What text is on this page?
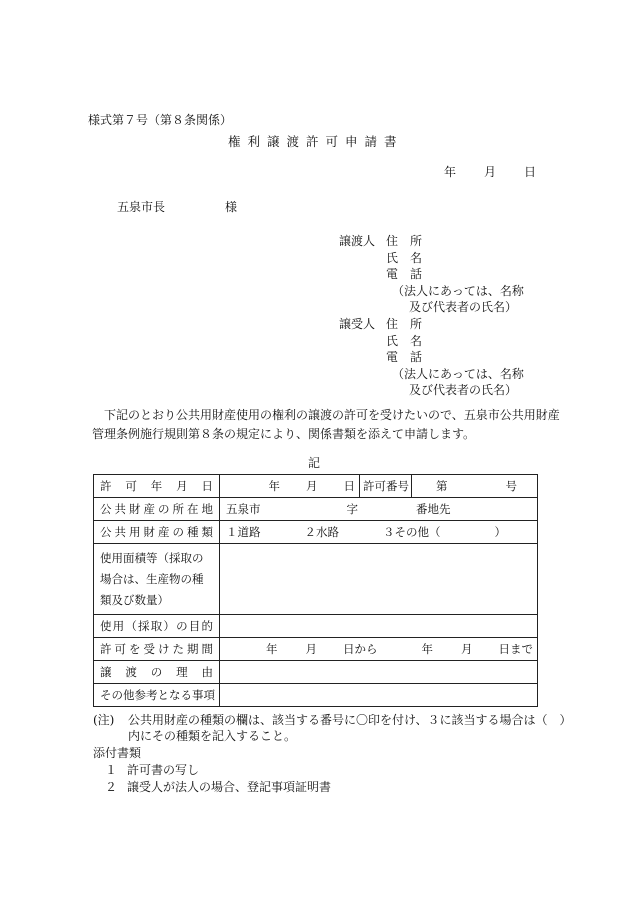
様式第７号（第８条関係）
権利譲渡許可申請書
年 月 日
五泉市長	様
譲渡人 住　所
氏　名
電　話
（法人にあっては、名称
及び代表者の氏名）
譲受人 住　所
氏　名
電　話
（法人にあっては、名称
及び代表者の氏名）
下記のとおり公共用財産使用の権利の譲渡の許可を受けたいので、五泉市公共用財産管理条例施行規則第８条の規定により、関係書類を添えて申請します。
記
許可年月日	年 月 日	許可番号	第 号
公共財産の所在地	五泉市 字 番地先		
公共用財産の種類	１道路 ２水路 ３その他（ ）		
使用面積等（採取の場合は、生産物の種類及び数量）			
使用（採取）の目的			
許可を受けた期間	年 月 日から 年 月 日まで		
譲渡の理由			
その他参考となる事項			
(注) 公共用財産の種類の欄は、該当する番号に〇印を付け、３に該当する場合は（　）
内にその種類を記入すること。
添付書類
１ 許可書の写し
２ 譲受人が法人の場合、登記事項証明書
